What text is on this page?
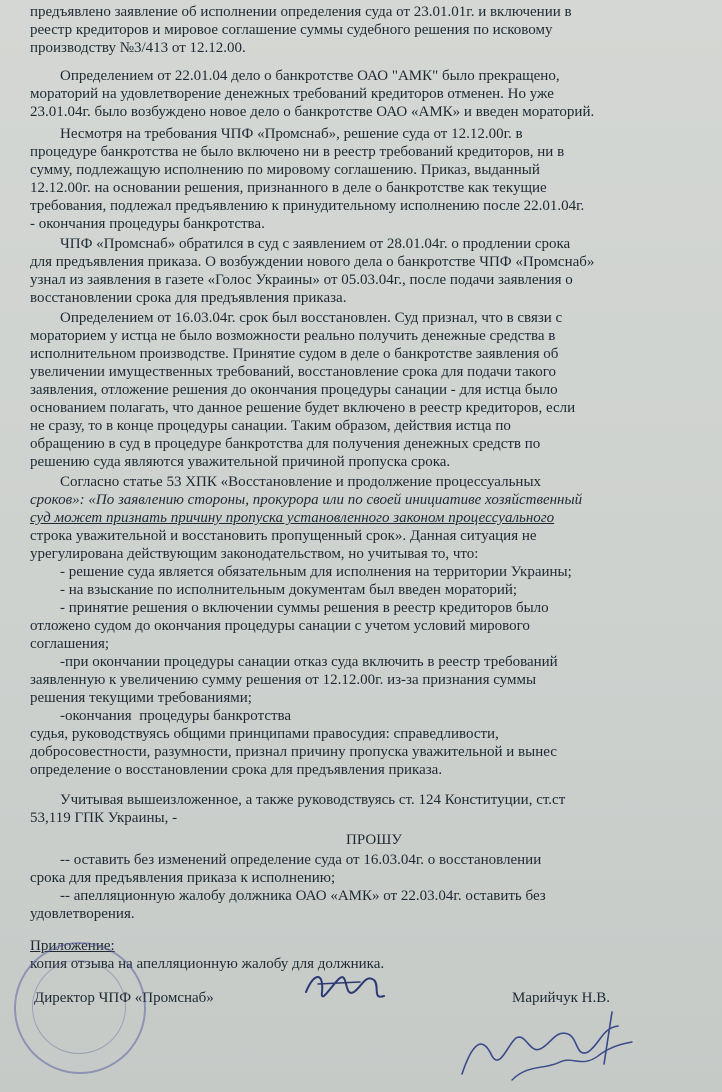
предъявлено заявление об исполнении определения суда от 23.01.01г. и включении в
реестр кредиторов и мировое соглашение суммы судебного решения по исковому
производству №3/413 от 12.12.00.
Определением от 22.01.04 дело о банкротстве ОАО "АМК" было прекращено,
мораторий на удовлетворение денежных требований кредиторов отменен. Но уже
23.01.04г. было возбуждено новое дело о банкротстве ОАО «АМК» и введен мораторий.
Несмотря на требования ЧПФ «Промснаб», решение суда от 12.12.00г. в
процедуре банкротства не было включено ни в реестр требований кредиторов, ни в
сумму, подлежащую исполнению по мировому соглашению. Приказ, выданный
12.12.00г. на основании решения, признанного в деле о банкротстве как текущие
требования, подлежал предъявлению к принудительному исполнению после 22.01.04г.
- окончания процедуры банкротства.
ЧПФ «Промснаб» обратился в суд с заявлением от 28.01.04г. о продлении срока
для предъявления приказа. О возбуждении нового дела о банкротстве ЧПФ «Промснаб»
узнал из заявления в газете «Голос Украины» от 05.03.04г., после подачи заявления о
восстановлении срока для предъявления приказа.
Определением от 16.03.04г. срок был восстановлен. Суд признал, что в связи с
мораторием у истца не было возможности реально получить денежные средства в
исполнительном производстве. Принятие судом в деле о банкротстве заявления об
увеличении имущественных требований, восстановление срока для подачи такого
заявления, отложение решения до окончания процедуры санации - для истца было
основанием полагать, что данное решение будет включено в реестр кредиторов, если
не сразу, то в конце процедуры санации. Таким образом, действия истца по
обращению в суд в процедуре банкротства для получения денежных средств по
решению суда являются уважительной причиной пропуска срока.
Согласно статье 53 ХПК «Восстановление и продолжение процессуальных
сроков»: «По заявлению стороны, прокурора или по своей инициативе хозяйственный
суд может признать причину пропуска установленного законом процессуального
строка уважительной и восстановить пропущенный срок». Данная ситуация не
урегулирована действующим законодательством, но учитывая то, что:
- решение суда является обязательным для исполнения на территории Украины;
- на взыскание по исполнительным документам был введен мораторий;
- принятие решения о включении суммы решения в реестр кредиторов было
отложено судом до окончания процедуры санации с учетом условий мирового
соглашения;
-при окончании процедуры санации отказ суда включить в реестр требований
заявленную к увеличению сумму решения от 12.12.00г. из-за признания суммы
решения текущими требованиями;
-окончания  процедуры банкротства
судья, руководствуясь общими принципами правосудия: справедливости,
добросовестности, разумности, признал причину пропуска уважительной и вынес
определение о восстановлении срока для предъявления приказа.
Учитывая вышеизложенное, а также руководствуясь ст. 124 Конституции, ст.ст
53,119 ГПК Украины, -
ПРОШУ
-- оставить без изменений определение суда от 16.03.04г. о восстановлении
срока для предъявления приказа к исполнению;
-- апелляционную жалобу должника ОАО «АМК» от 22.03.04г. оставить без
удовлетворения.
Приложение:
копия отзыва на апелляционную жалобу для должника.
Директор ЧПФ «Промснаб»	Марийчук Н.В.
